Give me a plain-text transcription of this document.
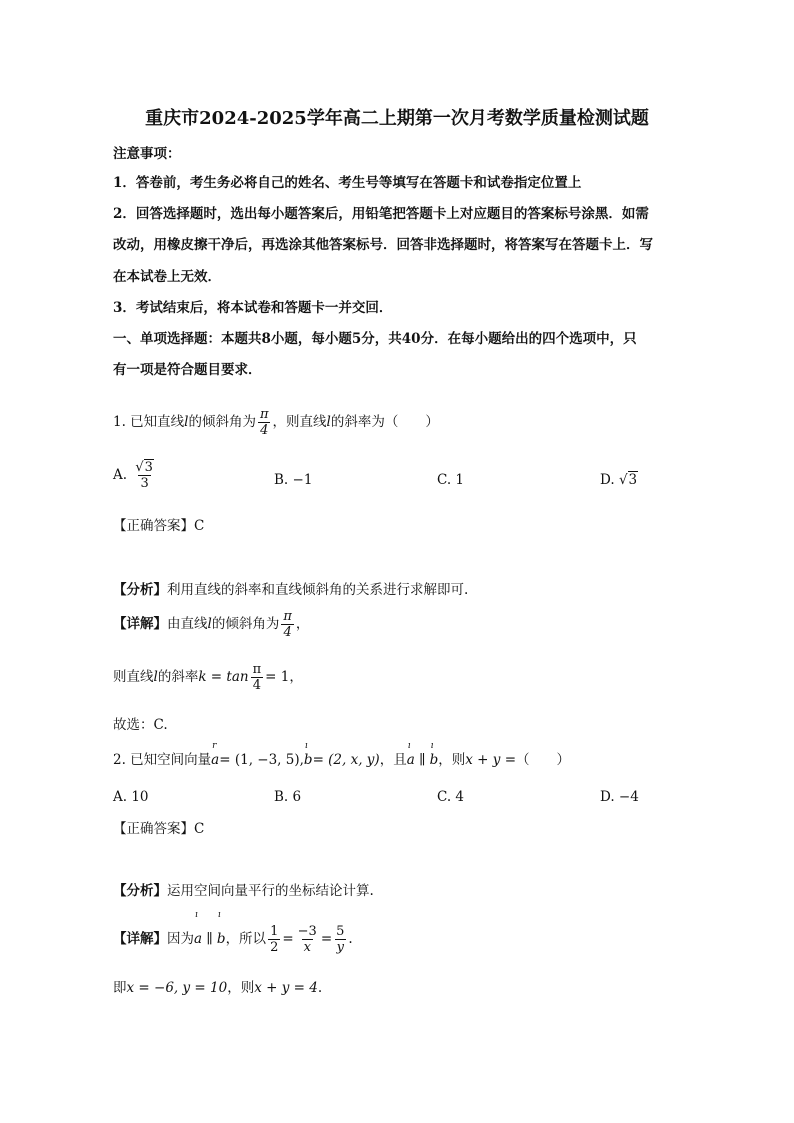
重庆市2024-2025学年高二上期第一次月考数学质量检测试题
注意事项：
1．答卷前，考生务必将自己的姓名、考生号等填写在答题卡和试卷指定位置上
2．回答选择题时，选出每小题答案后，用铅笔把答题卡上对应题目的答案标号涂黑．如需
改动，用橡皮擦干净后，再选涂其他答案标号．回答非选择题时，将答案写在答题卡上．写
在本试卷上无效．
3．考试结束后，将本试卷和答题卡一并交回．
一、单项选择题：本题共8小题，每小题5分，共40分．在每小题给出的四个选项中，只
有一项是符合题目要求．
1. 已知直线l的倾斜角为 $\frac{\pi}{4}$ ，则直线l的斜率为（　　）
A. $\frac{√3}{3}$	B. −1	C. 1	D. √3
【正确答案】C
【分析】利用直线的斜率和直线倾斜角的关系进行求解即可.
【详解】由直线l的倾斜角为 $\frac{\pi}{4}$ ，
则直线l的斜率$k = \tan \frac{\pi}{4} = 1$，
故选：C.
2. 已知空间向量
r
a= (1, −3, 5),
ı
b= (2, x, y)，且
ı
a ∥
ı
b，则x + y =（　　）
A. 10	B. 6	C. 4	D. −4
【正确答案】C
【分析】运用空间向量平行的坐标结论计算.
【详解】因为
ı
a ∥
ı
b，所以 $\frac{1}{2} = \frac{-3}{x} = \frac{5}{y}$ .
即x = −6, y = 10，则x + y = 4.
